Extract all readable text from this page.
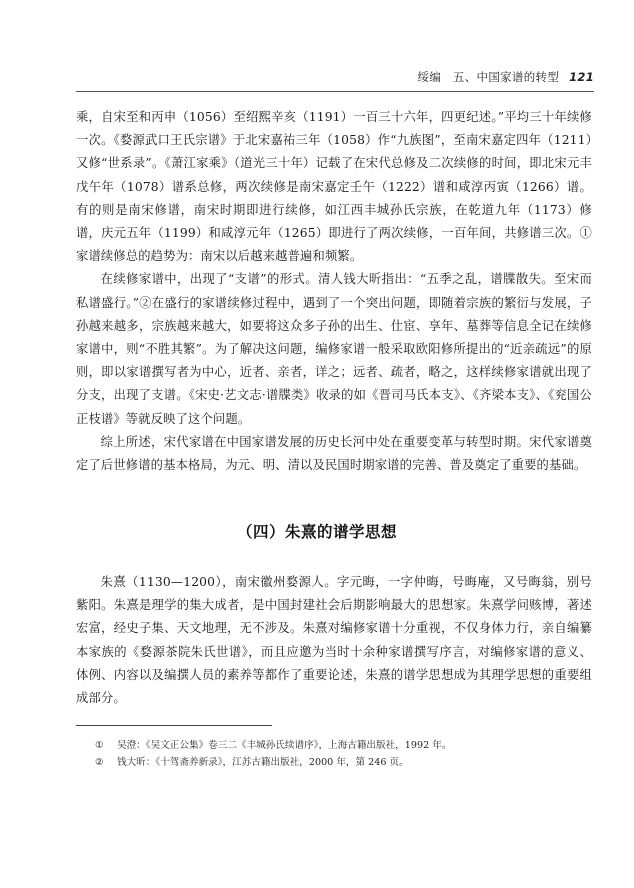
绥编　五、中国家谱的转型 121

乘，自宋至和丙申（1056）至绍熙辛亥（1191）一百三十六年，四更纪述。”平均三十年续修一次。《婺源武口王氏宗谱》于北宋嘉祐三年（1058）作“九族图”，至南宋嘉定四年（1211）又修“世系录”。《萧江家乘》（道光三十年）记载了在宋代总修及二次续修的时间，即北宋元丰戊午年（1078）谱系总修，两次续修是南宋嘉定壬午（1222）谱和咸淳丙寅（1266）谱。有的则是南宋修谱，南宋时期即进行续修，如江西丰城孙氏宗族，在乾道九年（1173）修谱，庆元五年（1199）和咸淳元年（1265）即进行了两次续修，一百年间，共修谱三次。①家谱续修总的趋势为：南宋以后越来越普遍和频繁。

在续修家谱中，出现了“支谱”的形式。清人钱大昕指出：“五季之乱，谱牒散失。至宋而私谱盛行。”②在盛行的家谱续修过程中，遇到了一个突出问题，即随着宗族的繁衍与发展，子孙越来越多，宗族越来越大，如要将这众多子孙的出生、仕宦、享年、墓葬等信息全记在续修家谱中，则“不胜其繁”。为了解决这问题，编修家谱一般采取欧阳修所提出的“近亲疏远”的原则，即以家谱撰写者为中心，近者、亲者，详之；远者、疏者，略之，这样续修家谱就出现了分支，出现了支谱。《宋史·艺文志·谱牒类》收录的如《晋司马氏本支》、《齐梁本支》、《兖国公正枝谱》等就反映了这个问题。

综上所述，宋代家谱在中国家谱发展的历史长河中处在重要变革与转型时期。宋代家谱奠定了后世修谱的基本格局，为元、明、清以及民国时期家谱的完善、普及奠定了重要的基础。

（四）朱熹的谱学思想

朱熹（1130—1200），南宋徽州婺源人。字元晦，一字仲晦，号晦庵，又号晦翁，别号紫阳。朱熹是理学的集大成者，是中国封建社会后期影响最大的思想家。朱熹学问赅博，著述宏富，经史子集、天文地理，无不涉及。朱熹对编修家谱十分重视，不仅身体力行，亲自编纂本家族的《婺源茶院朱氏世谱》，而且应邀为当时十余种家谱撰写序言，对编修家谱的意义、体例、内容以及编撰人员的素养等都作了重要论述，朱熹的谱学思想成为其理学思想的重要组成部分。

① 吴澄：《吴文正公集》卷三二《丰城孙氏续谱序》，上海古籍出版社，1992 年。
② 钱大昕：《十驾斋养新录》，江苏古籍出版社，2000 年，第 246 页。
